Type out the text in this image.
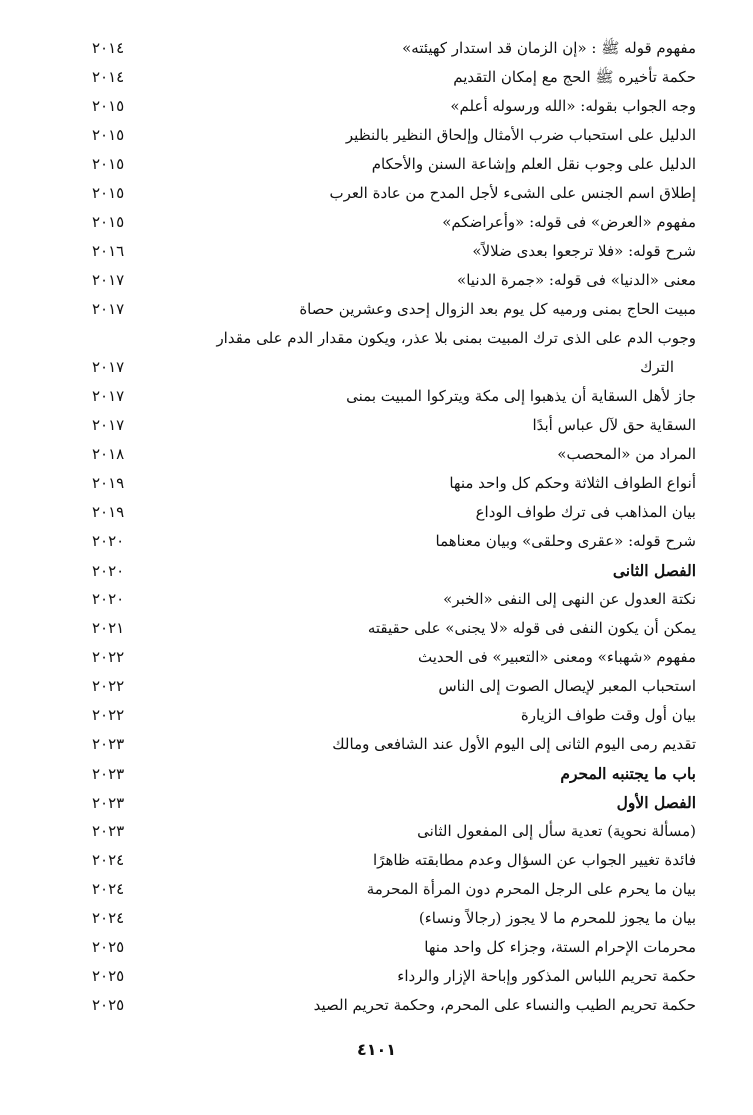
مفهوم قوله ﷺ : «إن الزمان قد استدار كهيئته»
٢٠١٤
حكمة تأخيره ﷺ الحج مع إمكان التقديم
٢٠١٤
وجه الجواب بقوله: «الله ورسوله أعلم»
٢٠١٥
الدليل على استحباب ضرب الأمثال وإلحاق النظير بالنظير
٢٠١٥
الدليل على وجوب نقل العلم وإشاعة السنن والأحكام
٢٠١٥
إطلاق اسم الجنس على الشىء لأجل المدح من عادة العرب
٢٠١٥
مفهوم «العرض» فى قوله: «وأعراضكم»
٢٠١٥
شرح قوله: «فلا ترجعوا بعدى ضلالاً»
٢٠١٦
معنى «الدنيا» فى قوله: «جمرة الدنيا»
٢٠١٧
مبيت الحاج بمنى ورميه كل يوم بعد الزوال إحدى وعشرين حصاة
٢٠١٧
وجوب الدم على الذى ترك المبيت بمنى بلا عذر، ويكون مقدار الدم على مقدار
الترك
٢٠١٧
جاز لأهل السقاية أن يذهبوا إلى مكة ويتركوا المبيت بمنى
٢٠١٧
السقاية حق لآل عباس أبدًا
٢٠١٧
المراد من «المحصب»
٢٠١٨
أنواع الطواف الثلاثة وحكم كل واحد منها
٢٠١٩
بيان المذاهب فى ترك طواف الوداع
٢٠١٩
شرح قوله: «عقرى وحلقى» وبيان معناهما
٢٠٢٠
الفصل الثانى
٢٠٢٠
نكتة العدول عن النهى إلى النفى «الخبر»
٢٠٢٠
يمكن أن يكون النفى فى قوله «لا يجنى» على حقيقته
٢٠٢١
مفهوم «شهباء» ومعنى «التعبير» فى الحديث
٢٠٢٢
استحباب المعبر لإيصال الصوت إلى الناس
٢٠٢٢
بيان أول وقت طواف الزيارة
٢٠٢٢
تقديم رمى اليوم الثانى إلى اليوم الأول عند الشافعى ومالك
٢٠٢٣
باب ما يجتنبه المحرم
٢٠٢٣
الفصل الأول
٢٠٢٣
(مسألة نحوية) تعدية سأل إلى المفعول الثانى
٢٠٢٣
فائدة تغيير الجواب عن السؤال وعدم مطابقته ظاهرًا
٢٠٢٤
بيان ما يحرم على الرجل المحرم دون المرأة المحرمة
٢٠٢٤
بيان ما يجوز للمحرم ما لا يجوز (رجالاً ونساء)
٢٠٢٤
محرمات الإحرام الستة، وجزاء كل واحد منها
٢٠٢٥
حكمة تحريم اللباس المذكور وإباحة الإزار والرداء
٢٠٢٥
حكمة تحريم الطيب والنساء على المحرم، وحكمة تحريم الصيد
٢٠٢٥
٤١٠١
